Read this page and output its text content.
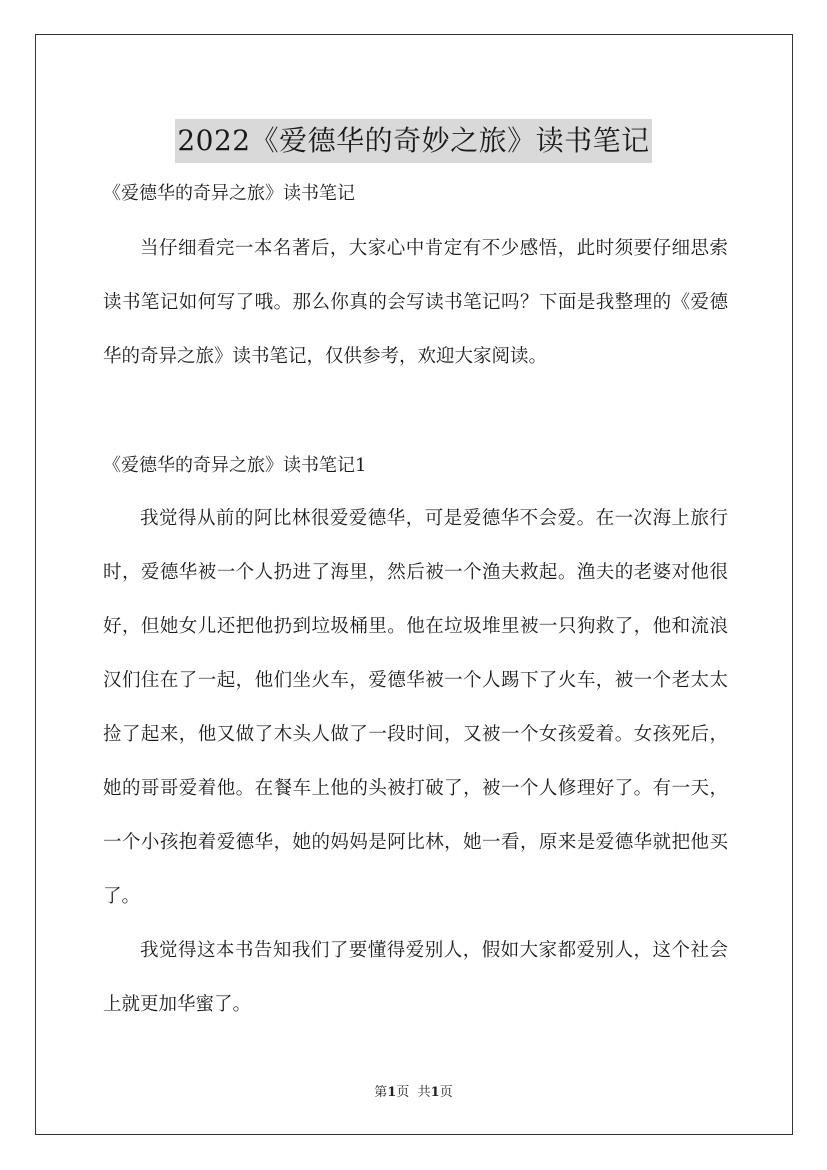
2022《爱德华的奇妙之旅》读书笔记
《爱德华的奇异之旅》读书笔记

当仔细看完一本名著后，大家心中肯定有不少感悟，此时须要仔细思索读书笔记如何写了哦。那么你真的会写读书笔记吗？下面是我整理的《爱德华的奇异之旅》读书笔记，仅供参考，欢迎大家阅读。

《爱德华的奇异之旅》读书笔记1

我觉得从前的阿比林很爱爱德华，可是爱德华不会爱。在一次海上旅行时，爱德华被一个人扔进了海里，然后被一个渔夫救起。渔夫的老婆对他很好，但她女儿还把他扔到垃圾桶里。他在垃圾堆里被一只狗救了，他和流浪汉们住在了一起，他们坐火车，爱德华被一个人踢下了火车，被一个老太太捡了起来，他又做了木头人做了一段时间，又被一个女孩爱着。女孩死后，她的哥哥爱着他。在餐车上他的头被打破了，被一个人修理好了。有一天，一个小孩抱着爱德华，她的妈妈是阿比林，她一看，原来是爱德华就把他买了。

我觉得这本书告知我们了要懂得爱别人，假如大家都爱别人，这个社会上就更加华蜜了。

第1页 共1页
